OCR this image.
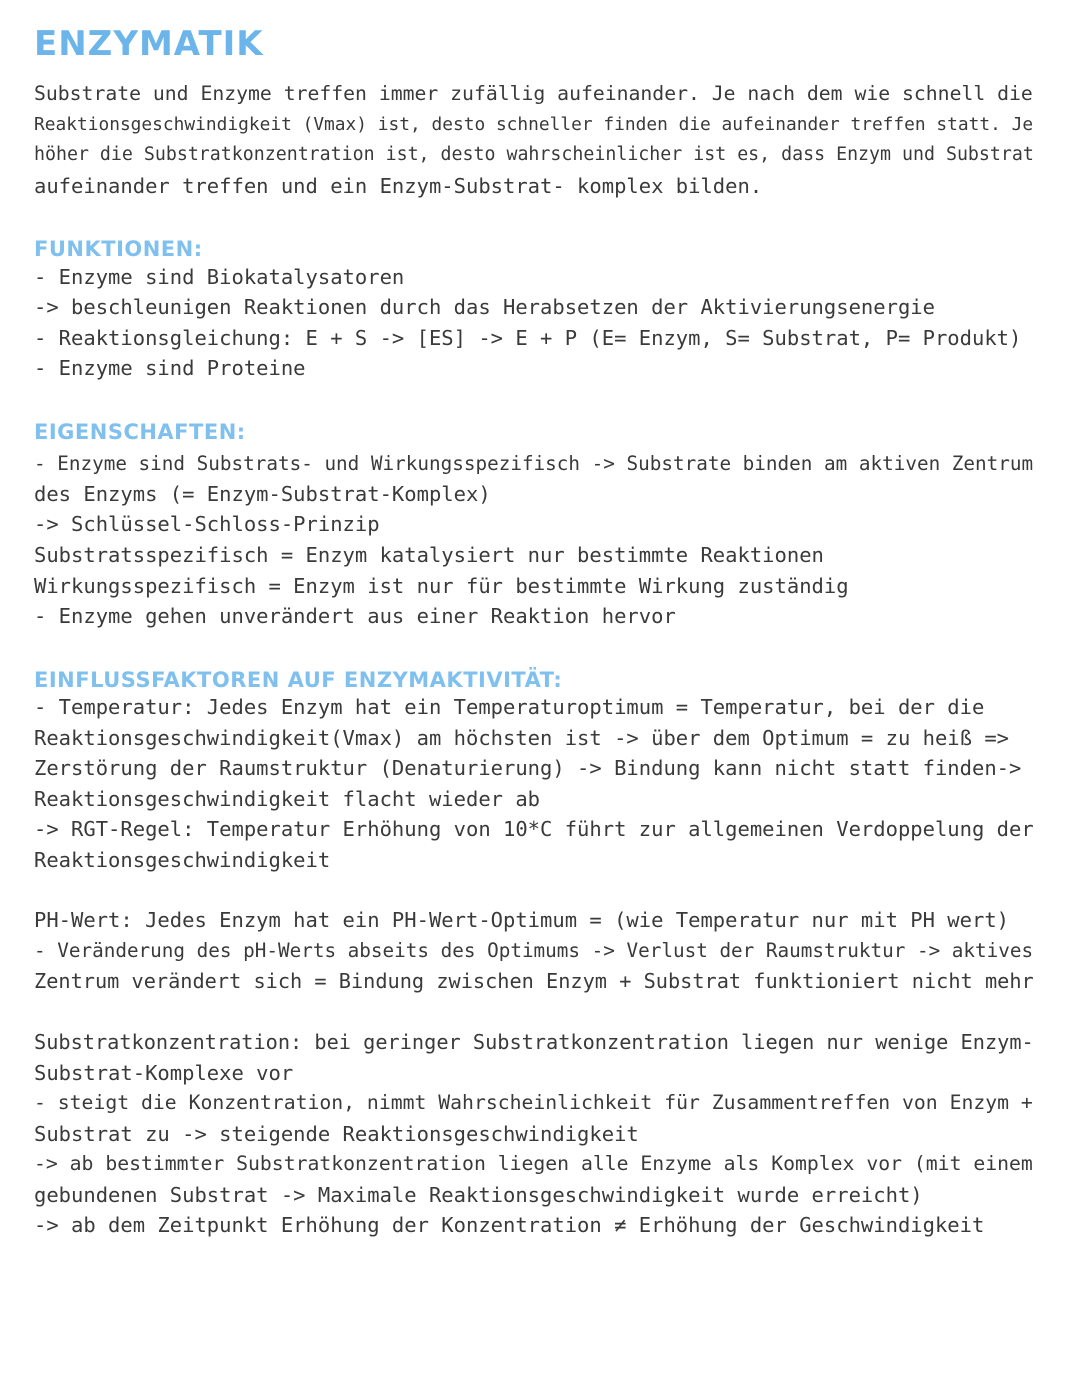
ENZYMATIK
Substrate und Enzyme treffen immer zufällig aufeinander. Je nach dem wie schnell die
Reaktionsgeschwindigkeit (Vmax) ist, desto schneller finden die aufeinander treffen statt. Je
höher die Substratkonzentration ist, desto wahrscheinlicher ist es, dass Enzym und Substrat
aufeinander treffen und ein Enzym-Substrat- komplex bilden.
FUNKTIONEN:
- Enzyme sind Biokatalysatoren
-> beschleunigen Reaktionen durch das Herabsetzen der Aktivierungsenergie
- Reaktionsgleichung: E + S -> [ES] -> E + P (E= Enzym, S= Substrat, P= Produkt)
- Enzyme sind Proteine
EIGENSCHAFTEN:
- Enzyme sind Substrats- und Wirkungsspezifisch -> Substrate binden am aktiven Zentrum
des Enzyms (= Enzym-Substrat-Komplex)
-> Schlüssel-Schloss-Prinzip
Substratsspezifisch = Enzym katalysiert nur bestimmte Reaktionen
Wirkungsspezifisch = Enzym ist nur für bestimmte Wirkung zuständig
- Enzyme gehen unverändert aus einer Reaktion hervor
EINFLUSSFAKTOREN AUF ENZYMAKTIVITÄT:
- Temperatur: Jedes Enzym hat ein Temperaturoptimum = Temperatur, bei der die
Reaktionsgeschwindigkeit(Vmax) am höchsten ist -> über dem Optimum = zu heiß =>
Zerstörung der Raumstruktur (Denaturierung) -> Bindung kann nicht statt finden->
Reaktionsgeschwindigkeit flacht wieder ab
-> RGT-Regel: Temperatur Erhöhung von 10*C führt zur allgemeinen Verdoppelung der
Reaktionsgeschwindigkeit
PH-Wert: Jedes Enzym hat ein PH-Wert-Optimum = (wie Temperatur nur mit PH wert)
- Veränderung des pH-Werts abseits des Optimums -> Verlust der Raumstruktur -> aktives
Zentrum verändert sich = Bindung zwischen Enzym + Substrat funktioniert nicht mehr
Substratkonzentration: bei geringer Substratkonzentration liegen nur wenige Enzym-
Substrat-Komplexe vor
- steigt die Konzentration, nimmt Wahrscheinlichkeit für Zusammentreffen von Enzym +
Substrat zu -> steigende Reaktionsgeschwindigkeit
-> ab bestimmter Substratkonzentration liegen alle Enzyme als Komplex vor (mit einem
gebundenen Substrat -> Maximale Reaktionsgeschwindigkeit wurde erreicht)
-> ab dem Zeitpunkt Erhöhung der Konzentration ≠ Erhöhung der Geschwindigkeit
